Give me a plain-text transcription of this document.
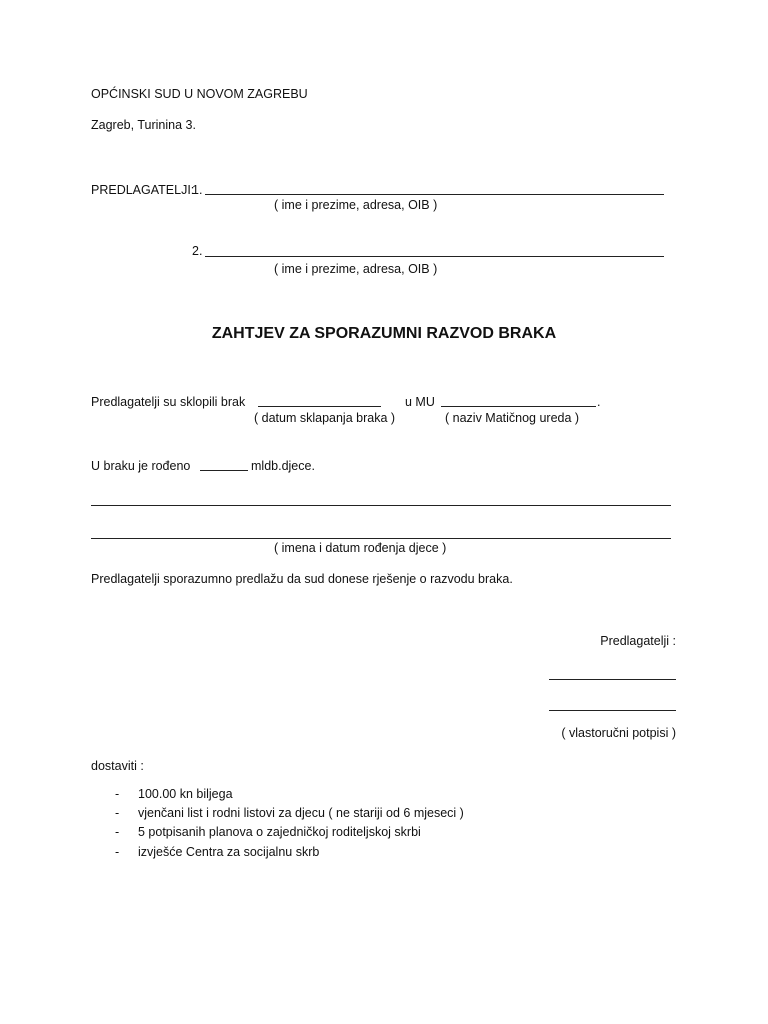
OPĆINSKI SUD U NOVOM ZAGREBU
Zagreb, Turinina 3.
PREDLAGATELJI:
1.
( ime i prezime, adresa, OIB )
2.
( ime i prezime, adresa, OIB )
ZAHTJEV ZA SPORAZUMNI RAZVOD BRAKA
Predlagatelji su sklopili brak	u MU	.
( datum sklapanja braka )	( naziv Matičnog ureda )
U braku je rođeno	mldb.djece.
( imena i datum rođenja djece )
Predlagatelji sporazumno predlažu da sud donese rješenje o razvodu braka.
Predlagatelji :
( vlastoručni potpisi )
dostaviti :
- 100.00 kn biljega
- vjenčani list i rodni listovi za djecu ( ne stariji od 6 mjeseci )
- 5 potpisanih planova o zajedničkoj roditeljskoj skrbi
- izvješće Centra za socijalnu skrb
